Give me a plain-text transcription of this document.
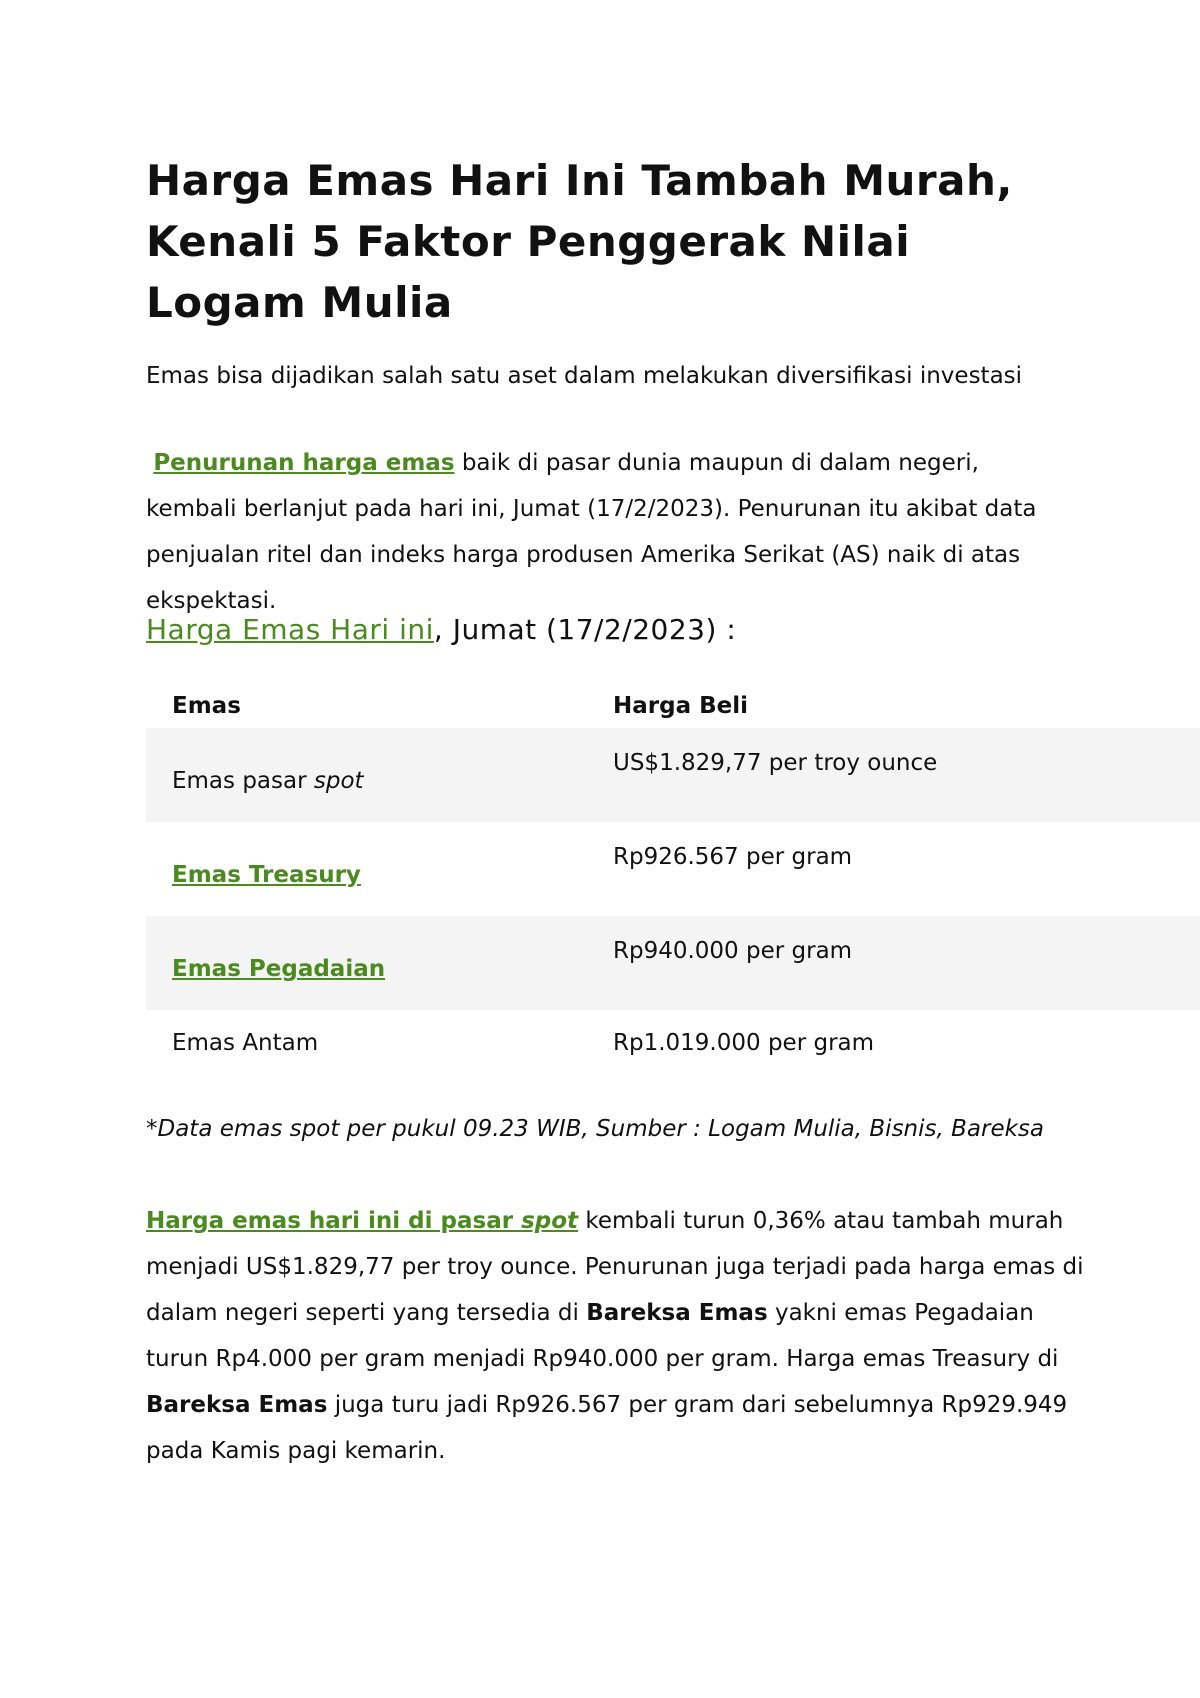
Harga Emas Hari Ini Tambah Murah, Kenali 5 Faktor Penggerak Nilai Logam Mulia

Emas bisa dijadikan salah satu aset dalam melakukan diversifikasi investasi

Penurunan harga emas baik di pasar dunia maupun di dalam negeri, kembali berlanjut pada hari ini, Jumat (17/2/2023). Penurunan itu akibat data penjualan ritel dan indeks harga produsen Amerika Serikat (AS) naik di atas ekspektasi.
Harga Emas Hari ini, Jumat (17/2/2023) :
Emas	Harga Beli

Emas pasar spot	US$1.829,77 per troy ounce

Emas Treasury	Rp926.567 per gram

Emas Pegadaian	Rp940.000 per gram

Emas Antam	Rp1.019.000 per gram
*Data emas spot per pukul 09.23 WIB, Sumber : Logam Mulia, Bisnis, Bareksa
Harga emas hari ini di pasar spot kembali turun 0,36% atau tambah murah menjadi US$1.829,77 per troy ounce. Penurunan juga terjadi pada harga emas di dalam negeri seperti yang tersedia di Bareksa Emas yakni emas Pegadaian turun Rp4.000 per gram menjadi Rp940.000 per gram. Harga emas Treasury di Bareksa Emas juga turu jadi Rp926.567 per gram dari sebelumnya Rp929.949 pada Kamis pagi kemarin.
